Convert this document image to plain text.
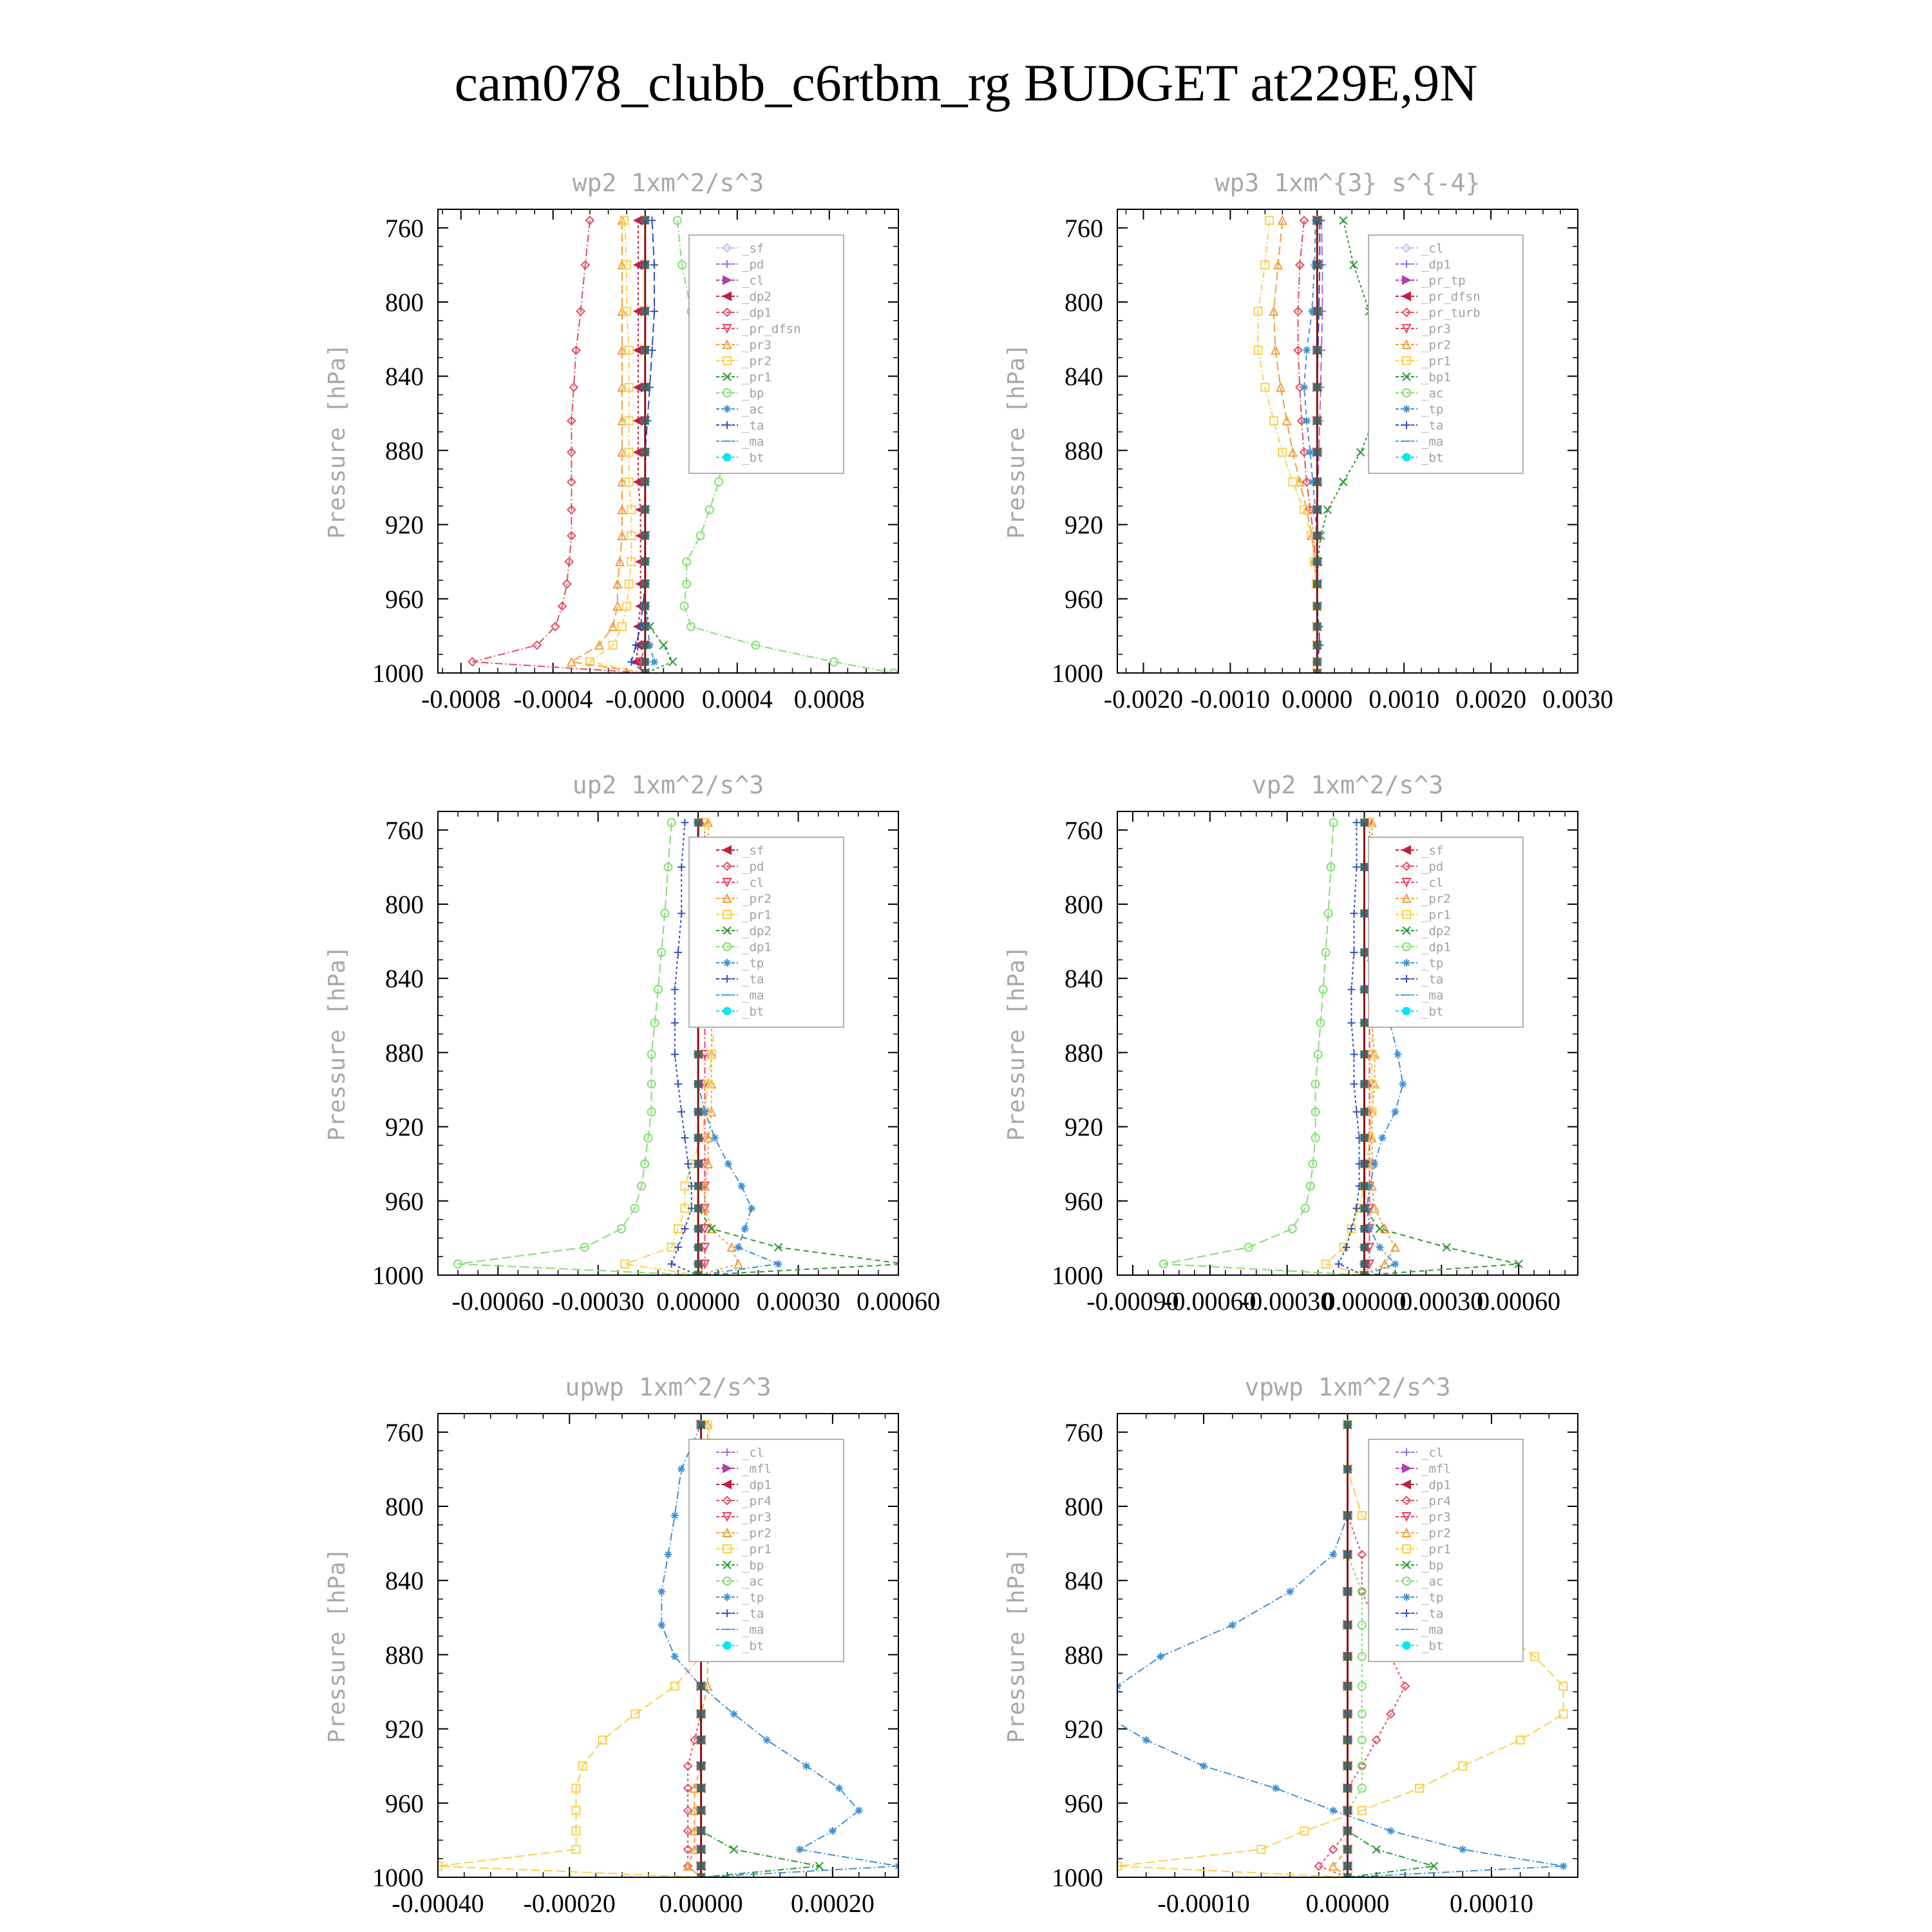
cam078_clubb_c6rtbm_rg BUDGET at229E,9N
wp2 1xm^2/s^3
Pressure [hPa]
760
800
840
880
920
960
1000
-0.0008 -0.0004 -0.0000 0.0004 0.0008
_sf
_pd
_cl
_dp2
_dp1
_pr_dfsn
_pr3
_pr2
_pr1
_bp
_ac
_ta
_ma
_bt
wp3 1xm^{3} s^{-4}
Pressure [hPa]
760
800
840
880
920
960
1000
-0.0020 -0.0010 0.0000 0.0010 0.0020 0.0030
_cl
_dp1
_pr_tp
_pr_dfsn
_pr_turb
_pr3
_pr2
_pr1
_bp1
_ac
_tp
_ta
_ma
_bt
up2 1xm^2/s^3
Pressure [hPa]
760
800
840
880
920
960
1000
-0.00060 -0.00030 0.00000 0.00030 0.00060
_sf
_pd
_cl
_pr2
_pr1
_dp2
_dp1
_tp
_ta
_ma
_bt
vp2 1xm^2/s^3
Pressure [hPa]
760
800
840
880
920
960
1000
-0.00090
-0.00060
-0.00030
0.00000
0.00030
0.00060
_sf
_pd
_cl
_pr2
_pr1
_dp2
_dp1
_tp
_ta
_ma
_bt
upwp 1xm^2/s^3
Pressure [hPa]
760
800
840
880
920
960
1000
-0.00040 -0.00020 0.00000 0.00020
_cl
_mfl
_dp1
_pr4
_pr3
_pr2
_pr1
_bp
_ac
_tp
_ta
_ma
_bt
vpwp 1xm^2/s^3
Pressure [hPa]
760
800
840
880
920
960
1000
-0.00010 0.00000 0.00010
_cl
_mfl
_dp1
_pr4
_pr3
_pr2
_pr1
_bp
_ac
_tp
_ta
_ma
_bt
